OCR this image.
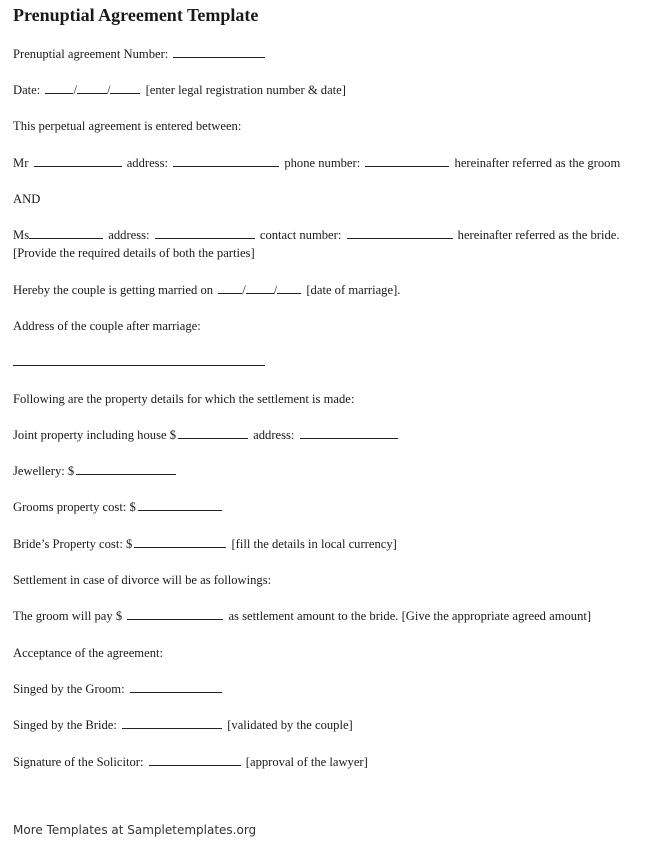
Prenuptial Agreement Template
Prenuptial agreement Number:
Date:	/ /	[enter legal registration number & date]
This perpetual agreement is entered between:
Mr	address:	phone number:	hereinafter referred as the groom
AND
Ms	address:	contact number:	hereinafter referred as the bride.
[Provide the required details of both the parties]
Hereby the couple is getting married on / / [date of marriage].
Address of the couple after marriage:
Following are the property details for which the settlement is made:
Joint property including house $	address:
Jewellery: $
Grooms property cost: $
Bride’s Property cost: $	[fill the details in local currency]
Settlement in case of divorce will be as followings:
The groom will pay $	as settlement amount to the bride. [Give the appropriate agreed amount]
Acceptance of the agreement:
Singed by the Groom:
Singed by the Bride:	[validated by the couple]
Signature of the Solicitor:	[approval of the lawyer]
More Templates at Sampletemplates.org
